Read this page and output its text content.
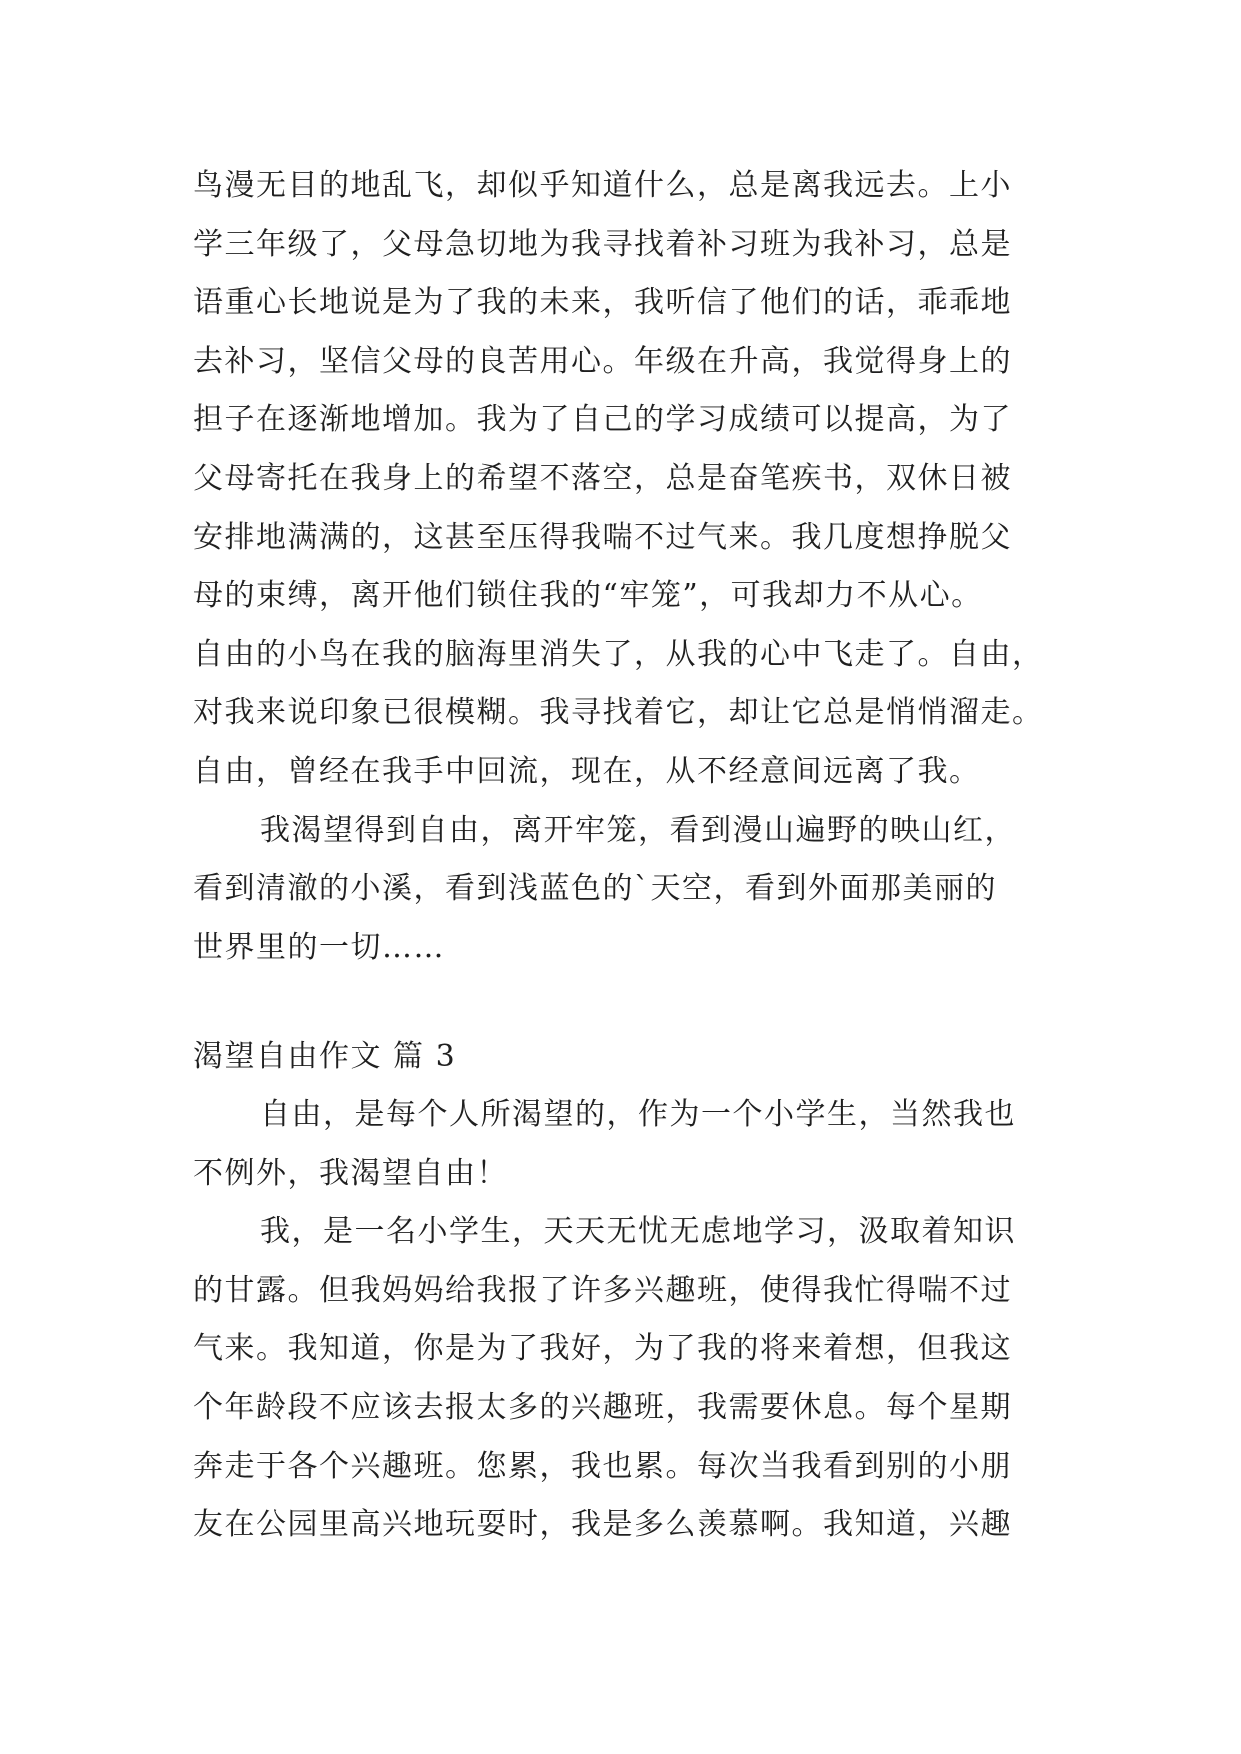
鸟漫无目的地乱飞，却似乎知道什么，总是离我远去。上小
学三年级了，父母急切地为我寻找着补习班为我补习，总是
语重心长地说是为了我的未来，我听信了他们的话，乖乖地
去补习，坚信父母的良苦用心。年级在升高，我觉得身上的
担子在逐渐地增加。我为了自己的学习成绩可以提高，为了
父母寄托在我身上的希望不落空，总是奋笔疾书，双休日被
安排地满满的，这甚至压得我喘不过气来。我几度想挣脱父
母的束缚，离开他们锁住我的“牢笼”，可我却力不从心。
自由的小鸟在我的脑海里消失了，从我的心中飞走了。自由，
对我来说印象已很模糊。我寻找着它，却让它总是悄悄溜走。
自由，曾经在我手中回流，现在，从不经意间远离了我。
我渴望得到自由，离开牢笼，看到漫山遍野的映山红，
看到清澈的小溪，看到浅蓝色的`天空，看到外面那美丽的
世界里的一切……
渴望自由作文 篇 3
自由，是每个人所渴望的，作为一个小学生，当然我也
不例外，我渴望自由！
我，是一名小学生，天天无忧无虑地学习，汲取着知识
的甘露。但我妈妈给我报了许多兴趣班，使得我忙得喘不过
气来。我知道，你是为了我好，为了我的将来着想，但我这
个年龄段不应该去报太多的兴趣班，我需要休息。每个星期
奔走于各个兴趣班。您累，我也累。每次当我看到别的小朋
友在公园里高兴地玩耍时，我是多么羡慕啊。我知道，兴趣
